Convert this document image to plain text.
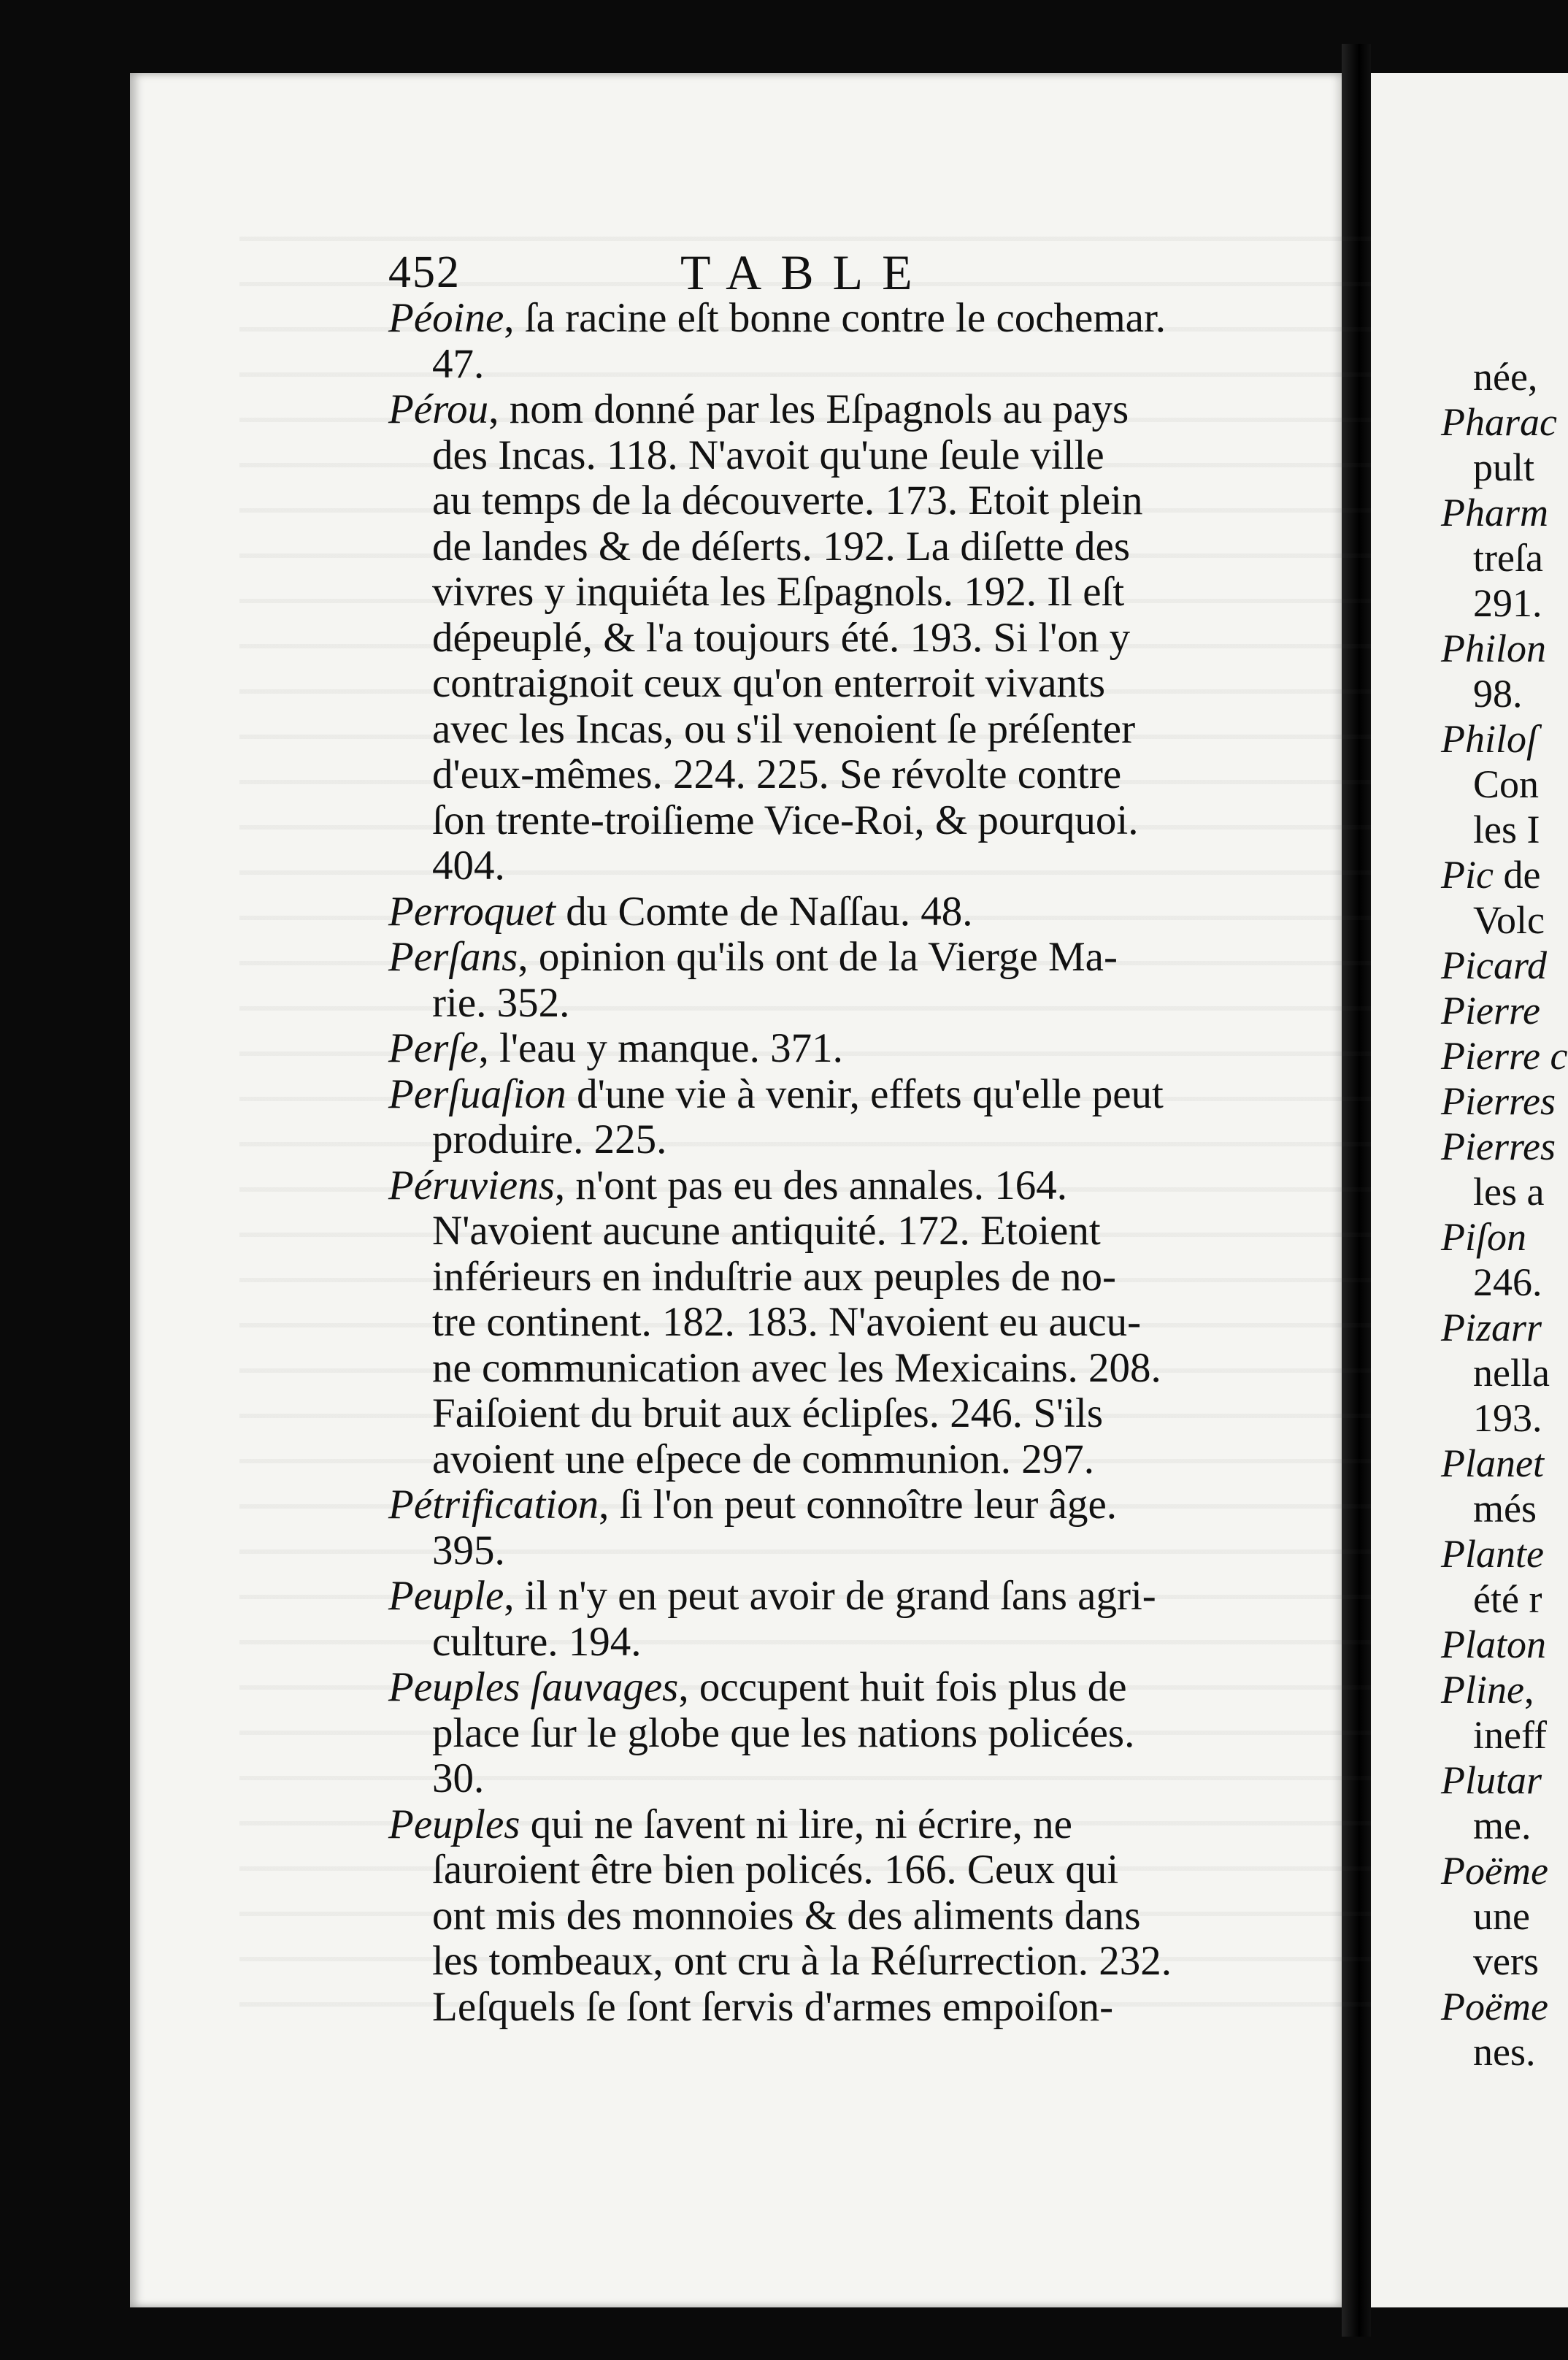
452	TABLE
Péoine, ſa racine eſt bonne contre le cochemar.
47.
Pérou, nom donné par les Eſpagnols au pays
des Incas. 118. N'avoit qu'une ſeule ville
au temps de la découverte. 173. Etoit plein
de landes & de déſerts. 192. La diſette des
vivres y inquiéta les Eſpagnols. 192. Il eſt
dépeuplé, & l'a toujours été. 193. Si l'on y
contraignoit ceux qu'on enterroit vivants
avec les Incas, ou s'il venoient ſe préſenter
d'eux-mêmes. 224. 225. Se révolte contre
ſon trente-troiſieme Vice-Roi, & pourquoi.
404.
Perroquet du Comte de Naſſau. 48.
Perſans, opinion qu'ils ont de la Vierge Ma-
rie. 352.
Perſe, l'eau y manque. 371.
Perſuaſion d'une vie à venir, effets qu'elle peut
produire. 225.
Péruviens, n'ont pas eu des annales. 164.
N'avoient aucune antiquité. 172. Etoient
inférieurs en induſtrie aux peuples de no-
tre continent. 182. 183. N'avoient eu aucu-
ne communication avec les Mexicains. 208.
Faiſoient du bruit aux éclipſes. 246. S'ils
avoient une eſpece de communion. 297.
Pétrification, ſi l'on peut connoître leur âge.
395.
Peuple, il n'y en peut avoir de grand ſans agri-
culture. 194.
Peuples ſauvages, occupent huit fois plus de
place ſur le globe que les nations policées.
30.
Peuples qui ne ſavent ni lire, ni écrire, ne
ſauroient être bien policés. 166. Ceux qui
ont mis des monnoies & des aliments dans
les tombeaux, ont cru à la Réſurrection. 232.
Leſquels ſe ſont ſervis d'armes empoiſon-
née,
Pharac
pult
Pharm
treſa
291.
Philon
98.
Philoſ
Con
les I
Pic de
Volc
Picard
Pierre
Pierre c
Pierres
Pierres
les a
Piſon
246.
Pizarr
nella
193.
Planet
més
Plante
été r
Platon
Pline,
ineff
Plutar
me.
Poëme
une
vers
Poëme
nes.
